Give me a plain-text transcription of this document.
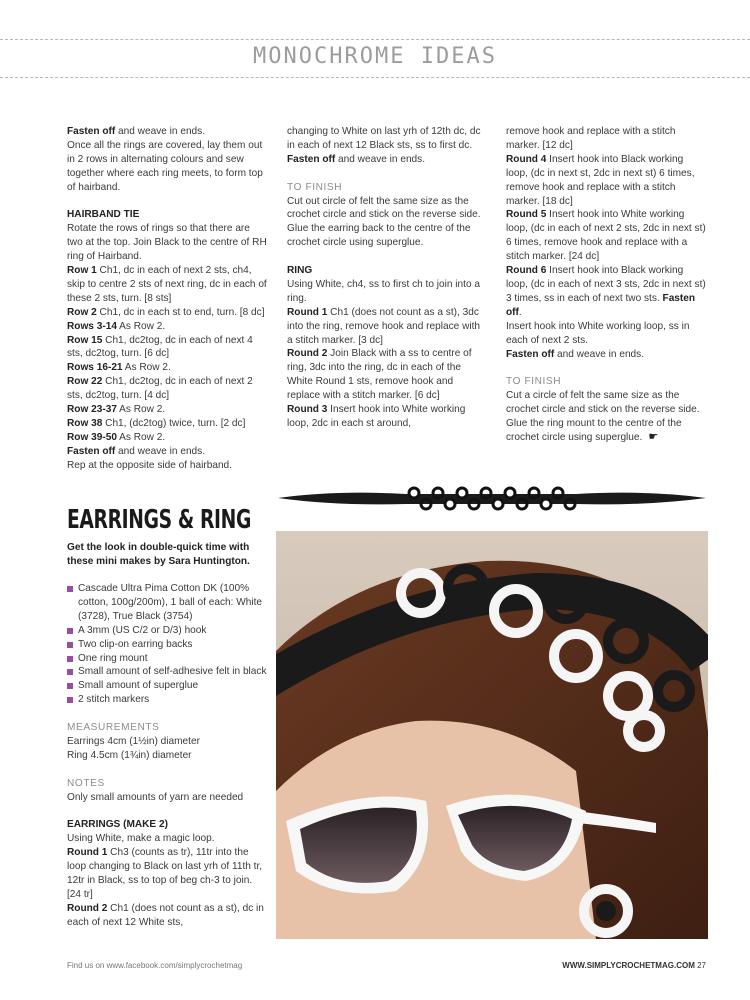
MONOCHROME IDEAS

Fasten off and weave in ends.

Once all the rings are covered, lay them out in 2 rows in alternating colours and sew together where each ring meets, to form top of hairband.

HAIRBAND TIE

Rotate the rows of rings so that there are two at the top. Join Black to the centre of RH ring of Hairband.

Row 1 Ch1, dc in each of next 2 sts, ch4, skip to centre 2 sts of next ring, dc in each of these 2 sts, turn. [8 sts]

Row 2 Ch1, dc in each st to end, turn. [8 dc]

Rows 3-14 As Row 2.

Row 15 Ch1, dc2tog, dc in each of next 4 sts, dc2tog, turn. [6 dc]

Rows 16-21 As Row 2.

Row 22 Ch1, dc2tog, dc in each of next 2 sts, dc2tog, turn. [4 dc]

Row 23-37 As Row 2.

Row 38 Ch1, (dc2tog) twice, turn. [2 dc]

Row 39-50 As Row 2.

Fasten off and weave in ends.

Rep at the opposite side of hairband.

changing to White on last yrh of 12th dc, dc in each of next 12 Black sts, ss to first dc.

Fasten off and weave in ends.

TO FINISH

Cut out circle of felt the same size as the crochet circle and stick on the reverse side. Glue the earring back to the centre of the crochet circle using superglue.

RING

Using White, ch4, ss to first ch to join into a ring.

Round 1 Ch1 (does not count as a st), 3dc into the ring, remove hook and replace with a stitch marker. [3 dc]

Round 2 Join Black with a ss to centre of ring, 3dc into the ring, dc in each of the White Round 1 sts, remove hook and replace with a stitch marker. [6 dc]

Round 3 Insert hook into White working loop, 2dc in each st around,

remove hook and replace with a stitch marker. [12 dc]

Round 4 Insert hook into Black working loop, (dc in next st, 2dc in next st) 6 times, remove hook and replace with a stitch marker. [18 dc]

Round 5 Insert hook into White working loop, (dc in each of next 2 sts, 2dc in next st) 6 times, remove hook and replace with a stitch marker. [24 dc]

Round 6 Insert hook into Black working loop, (dc in each of next 3 sts, 2dc in next st) 3 times, ss in each of next two sts. Fasten off.

Insert hook into White working loop, ss in each of next 2 sts.

Fasten off and weave in ends.

TO FINISH

Cut a circle of felt the same size as the crochet circle and stick on the reverse side.

Glue the ring mount to the centre of the crochet circle using superglue. ☛

EARRINGS & RING
Get the look in double-quick time with these mini makes by Sara Huntington.
Cascade Ultra Pima Cotton DK (100% cotton, 100g/200m), 1 ball of each: White (3728), True Black (3754)
A 3mm (US C/2 or D/3) hook
Two clip-on earring backs
One ring mount
Small amount of self-adhesive felt in black
Small amount of superglue
2 stitch markers

MEASUREMENTS

Earrings 4cm (1½in) diameter

Ring 4.5cm (1¾in) diameter

NOTES

Only small amounts of yarn are needed

EARRINGS (MAKE 2)

Using White, make a magic loop.

Round 1 Ch3 (counts as tr), 11tr into the loop changing to Black on last yrh of 11th tr, 12tr in Black, ss to top of beg ch-3 to join. [24 tr]

Round 2 Ch1 (does not count as a st), dc in each of next 12 White sts,

Find us on www.facebook.com/simplycrochetmag	WWW.SIMPLYCROCHETMAG.COM 27
